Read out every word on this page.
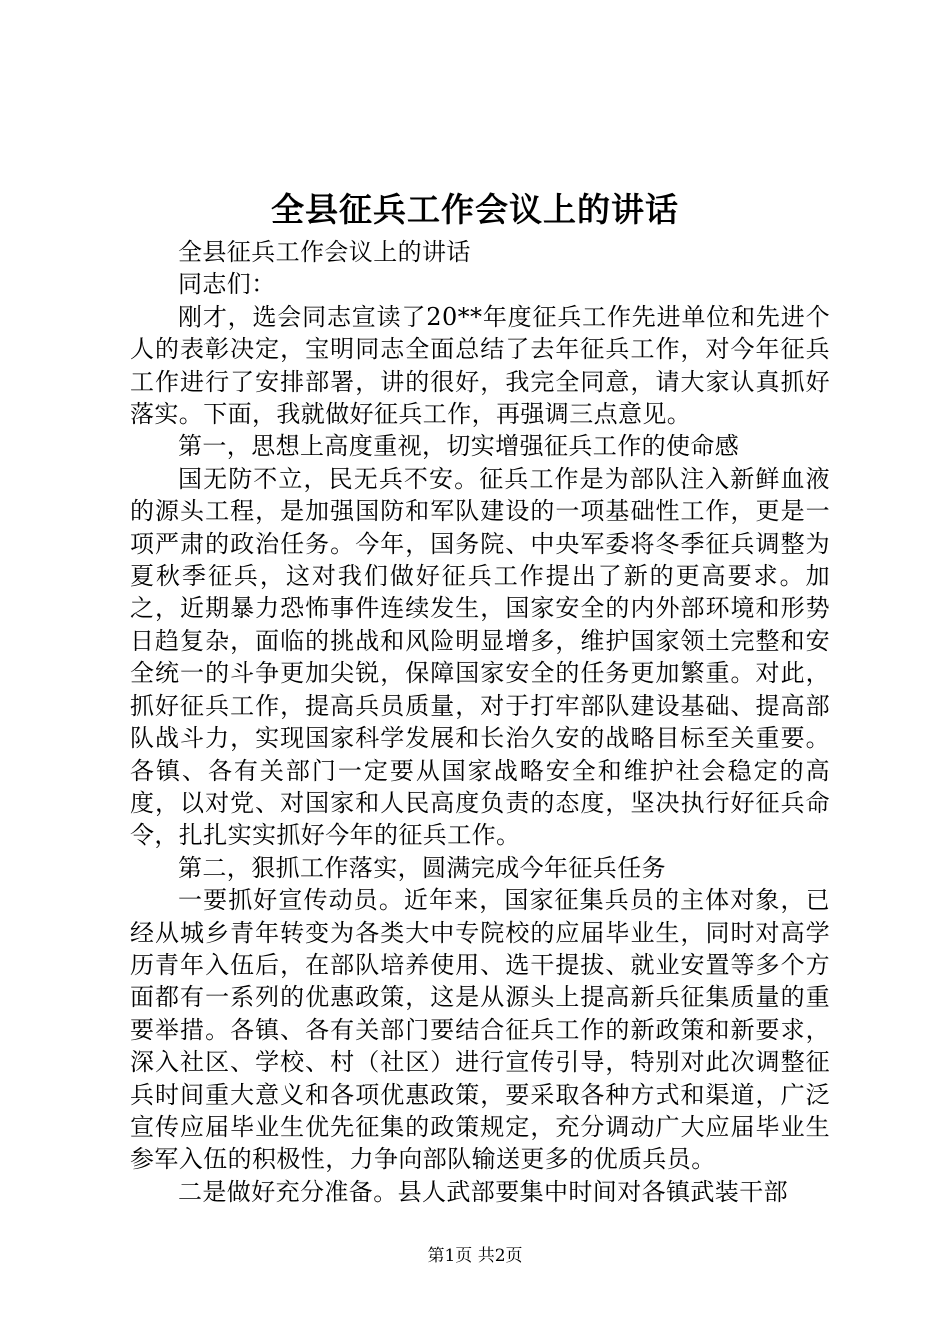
全县征兵工作会议上的讲话

全县征兵工作会议上的讲话

同志们：

刚才，选会同志宣读了20**年度征兵工作先进单位和先进个人的表彰决定，宝明同志全面总结了去年征兵工作，对今年征兵工作进行了安排部署，讲的很好，我完全同意，请大家认真抓好落实。下面，我就做好征兵工作，再强调三点意见。

第一，思想上高度重视，切实增强征兵工作的使命感

国无防不立，民无兵不安。征兵工作是为部队注入新鲜血液的源头工程，是加强国防和军队建设的一项基础性工作，更是一项严肃的政治任务。今年，国务院、中央军委将冬季征兵调整为夏秋季征兵，这对我们做好征兵工作提出了新的更高要求。加之，近期暴力恐怖事件连续发生，国家安全的内外部环境和形势日趋复杂，面临的挑战和风险明显增多，维护国家领土完整和安全统一的斗争更加尖锐，保障国家安全的任务更加繁重。对此，抓好征兵工作，提高兵员质量，对于打牢部队建设基础、提高部队战斗力，实现国家科学发展和长治久安的战略目标至关重要。各镇、各有关部门一定要从国家战略安全和维护社会稳定的高度，以对党、对国家和人民高度负责的态度，坚决执行好征兵命令，扎扎实实抓好今年的征兵工作。

第二，狠抓工作落实，圆满完成今年征兵任务

一要抓好宣传动员。近年来，国家征集兵员的主体对象，已经从城乡青年转变为各类大中专院校的应届毕业生，同时对高学历青年入伍后，在部队培养使用、选干提拔、就业安置等多个方面都有一系列的优惠政策，这是从源头上提高新兵征集质量的重要举措。各镇、各有关部门要结合征兵工作的新政策和新要求，深入社区、学校、村（社区）进行宣传引导，特别对此次调整征兵时间重大意义和各项优惠政策，要采取各种方式和渠道，广泛宣传应届毕业生优先征集的政策规定，充分调动广大应届毕业生参军入伍的积极性，力争向部队输送更多的优质兵员。

二是做好充分准备。县人武部要集中时间对各镇武装干部

第1页 共2页
